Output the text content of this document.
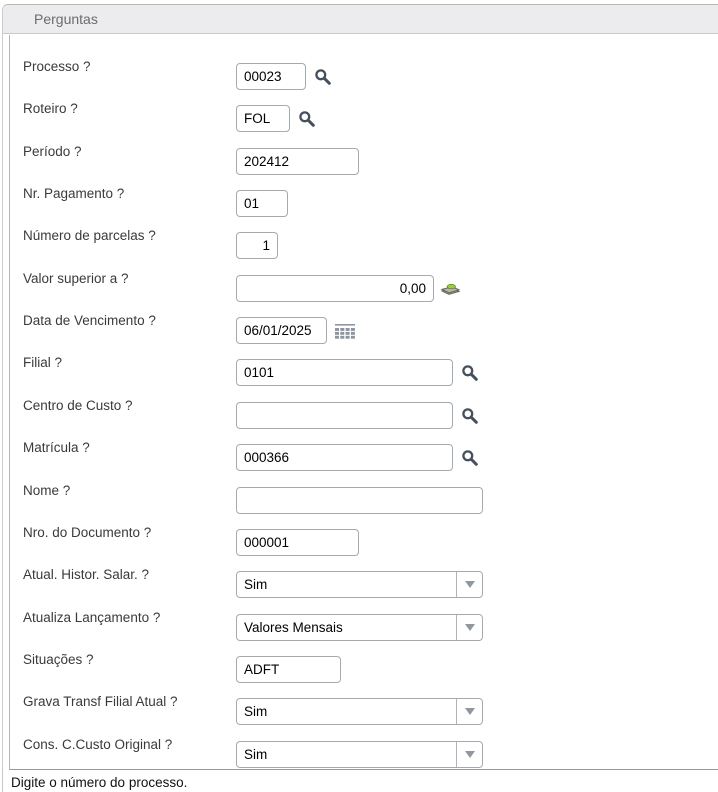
Perguntas
Processo ?
00023
Roteiro ?
FOL
Período ?
202412
Nr. Pagamento ?
01
Número de parcelas ?
1
Valor superior a ?
0,00
Data de Vencimento ?
06/01/2025
Filial ?
0101
Centro de Custo ?
Matrícula ?
000366
Nome ?
Nro. do Documento ?
000001
Atual. Histor. Salar. ?
Sim
Atualiza Lançamento ?
Valores Mensais
Situações ?
ADFT
Grava Transf Filial Atual ?
Sim
Cons. C.Custo Original ?
Sim
Digite o número do processo.
